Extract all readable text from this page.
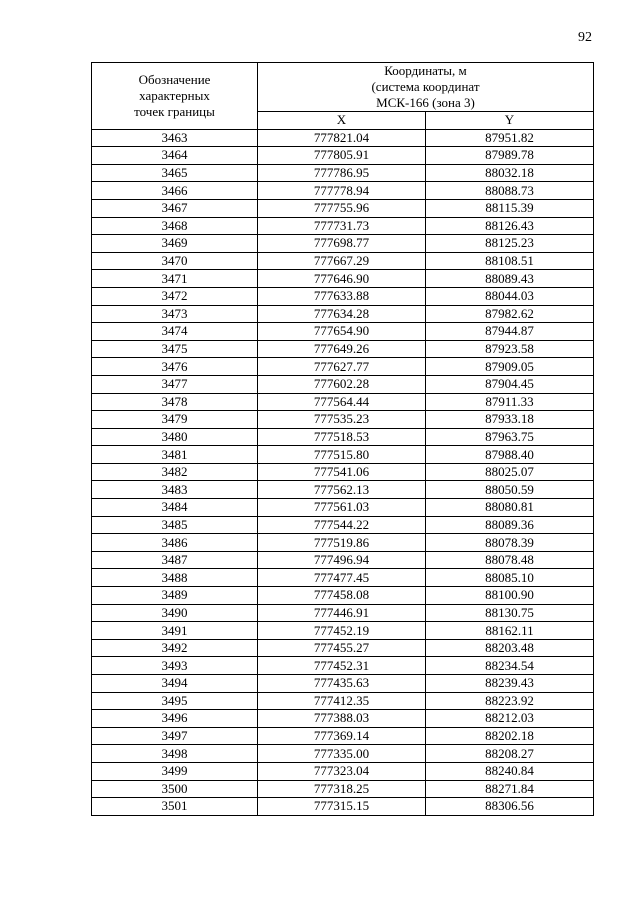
92
Обозначение
характерных
точек границы	Координаты, м
(система координат
МСК-166 (зона 3)	

	X	Y
3463	777821.04	87951.82
3464	777805.91	87989.78
3465	777786.95	88032.18
3466	777778.94	88088.73
3467	777755.96	88115.39
3468	777731.73	88126.43
3469	777698.77	88125.23
3470	777667.29	88108.51
3471	777646.90	88089.43
3472	777633.88	88044.03
3473	777634.28	87982.62
3474	777654.90	87944.87
3475	777649.26	87923.58
3476	777627.77	87909.05
3477	777602.28	87904.45
3478	777564.44	87911.33
3479	777535.23	87933.18
3480	777518.53	87963.75
3481	777515.80	87988.40
3482	777541.06	88025.07
3483	777562.13	88050.59
3484	777561.03	88080.81
3485	777544.22	88089.36
3486	777519.86	88078.39
3487	777496.94	88078.48
3488	777477.45	88085.10
3489	777458.08	88100.90
3490	777446.91	88130.75
3491	777452.19	88162.11
3492	777455.27	88203.48
3493	777452.31	88234.54
3494	777435.63	88239.43
3495	777412.35	88223.92
3496	777388.03	88212.03
3497	777369.14	88202.18
3498	777335.00	88208.27
3499	777323.04	88240.84
3500	777318.25	88271.84
3501	777315.15	88306.56
